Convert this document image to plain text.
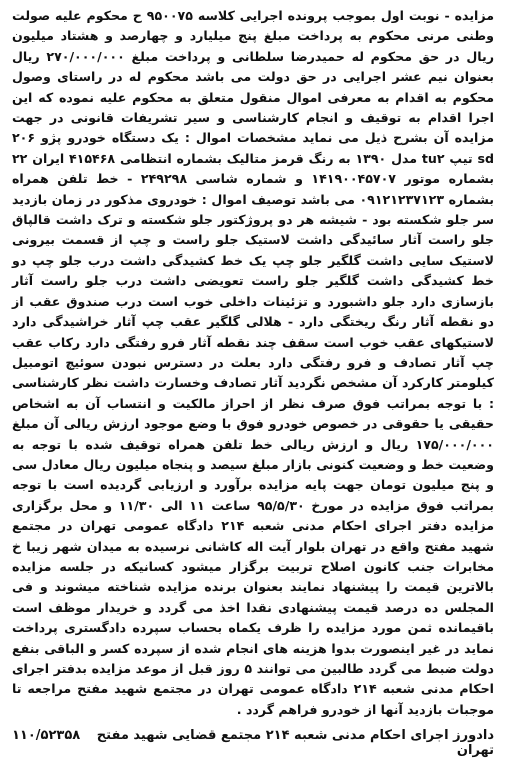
مزایده - نوبت اول بموجب پرونده اجرایی کلاسه ۹۵۰۰۷۵ ح محکوم علیه صولت وطنی مرنی محکوم به پرداخت مبلغ پنج میلیارد و چهارصد و هشتاد میلیون ریال در حق محکوم له حمیدرضا سلطانی و پرداخت مبلغ ۲۷۰/۰۰۰/۰۰۰ ریال بعنوان نیم عشر اجرایی در حق دولت می باشد محکوم له در راستای وصول محکوم به اقدام به معرفی اموال منقول متعلق به محکوم علیه نموده که این اجرا اقدام به توقیف و انجام کارشناسی و سیر تشریفات قانونی در جهت مزایده آن بشرح ذیل می نماید مشخصات اموال : یک دستگاه خودرو پژو ۲۰۶ sd تیپ tu۲ مدل ۱۳۹۰ به رنگ قرمز متالیک بشماره انتظامی ۴۱۵۴۶۸ ایران ۲۲ بشماره موتور ۱۴۱۹۰۰۴۵۷۰۷ و شماره شاسی ۲۴۹۲۹۸ - خط تلفن همراه بشماره ۰۹۱۲۱۲۳۷۱۲۳ می باشد توصیف اموال : خودروی مذکور در زمان بازدید سر جلو شکسته بود - شیشه هر دو پروژکتور جلو شکسته و ترک داشت قالپاق جلو راست آثار سائیدگی داشت لاستیک جلو راست و چپ از قسمت بیرونی لاستیک سایی داشت گلگیر جلو چپ یک خط کشیدگی داشت درب جلو چپ دو خط کشیدگی داشت گلگیر جلو راست تعویضی داشت درب جلو راست آثار بازسازی دارد جلو داشبورد و تزئینات داخلی خوب است درب صندوق عقب از دو نقطه آثار رنگ ریختگی دارد - هلالی گلگیر عقب چپ آثار خراشیدگی دارد لاستیکهای عقب خوب است سقف چند نقطه آثار فرو رفتگی دارد رکاب عقب چپ آثار تصادف و فرو رفتگی دارد بعلت در دسترس نبودن سوئیچ اتومبیل کیلومتر کارکرد آن مشخص نگردید آثار تصادف وخسارت داشت نظر کارشناسی : با توجه بمراتب فوق صرف نظر از احراز مالکیت و انتساب آن به اشخاص حقیقی یا حقوقی در خصوص خودرو فوق با وضع موجود ارزش ریالی آن مبلغ ۱۷۵/۰۰۰/۰۰۰ ریال و ارزش ریالی خط تلفن همراه توقیف شده با توجه به وضعیت خط و وضعیت کنونی بازار مبلغ سیصد و پنجاه میلیون ریال معادل سی و پنج میلیون تومان جهت پایه مزایده برآورد و ارزیابی گردیده است با توجه بمراتب فوق مزایده در مورخ ۹۵/۵/۳۰ ساعت ۱۱ الی ۱۱/۳۰ و محل برگزاری مزایده دفتر اجرای احکام مدنی شعبه ۲۱۴ دادگاه عمومی تهران در مجتمع شهید مفتح واقع در تهران بلوار آیت اله کاشانی نرسیده به میدان شهر زیبا خ مخابرات جنب کانون اصلاح تربیت برگزار میشود کسانیکه در جلسه مزایده بالاترین قیمت را پیشنهاد نمایند بعنوان برنده مزایده شناخته میشوند و فی المجلس ده درصد قیمت پیشنهادی نقدا اخذ می گردد و خریدار موظف است باقیمانده ثمن مورد مزایده را ظرف یکماه بحساب سپرده دادگستری پرداخت نماید در غیر اینصورت بدوا هزینه های انجام شده از سپرده کسر و الباقی بنفع دولت ضبط می گردد طالبین می توانند ۵ روز قبل از موعد مزایده بدفتر اجرای احکام مدنی شعبه ۲۱۴ دادگاه عمومی تهران در مجتمع شهید مفتح مراجعه تا موجبات بازدید آنها از خودرو فراهم گردد .

دادورز اجرای احکام مدنی شعبه ۲۱۴ مجتمع قضایی شهید مفتح تهران
۱۱۰/۵۲۳۵۸
